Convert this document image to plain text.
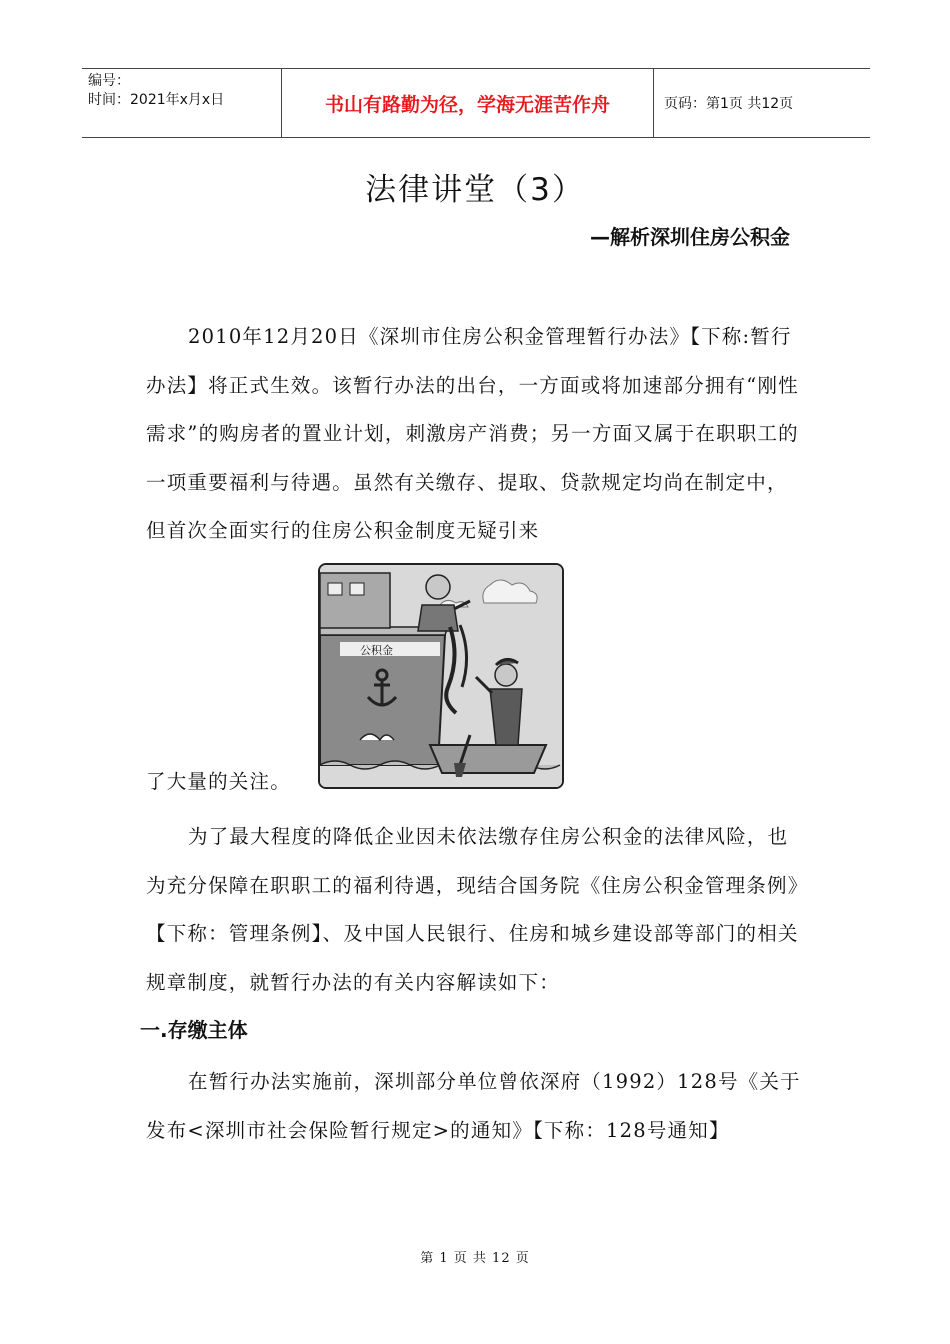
编号：
时间：2021年x月x日	书山有路勤为径，学海无涯苦作舟	页码：第1页 共12页
法律讲堂（3）
—解析深圳住房公积金
2010年12月20日《深圳市住房公积金管理暂行办法》【下称:暂行办法】将正式生效。该暂行办法的出台，一方面或将加速部分拥有“刚性需求”的购房者的置业计划，刺激房产消费；另一方面又属于在职职工的一项重要福利与待遇。虽然有关缴存、提取、贷款规定均尚在制定中，但首次全面实行的住房公积金制度无疑引来
公积金
了大量的关注。
为了最大程度的降低企业因未依法缴存住房公积金的法律风险，也为充分保障在职职工的福利待遇，现结合国务院《住房公积金管理条例》【下称：管理条例】、及中国人民银行、住房和城乡建设部等部门的相关规章制度，就暂行办法的有关内容解读如下：
一.存缴主体
在暂行办法实施前，深圳部分单位曾依深府（1992）128号《关于发布<深圳市社会保险暂行规定>的通知》【下称：128号通知】
第 1 页 共 12 页
